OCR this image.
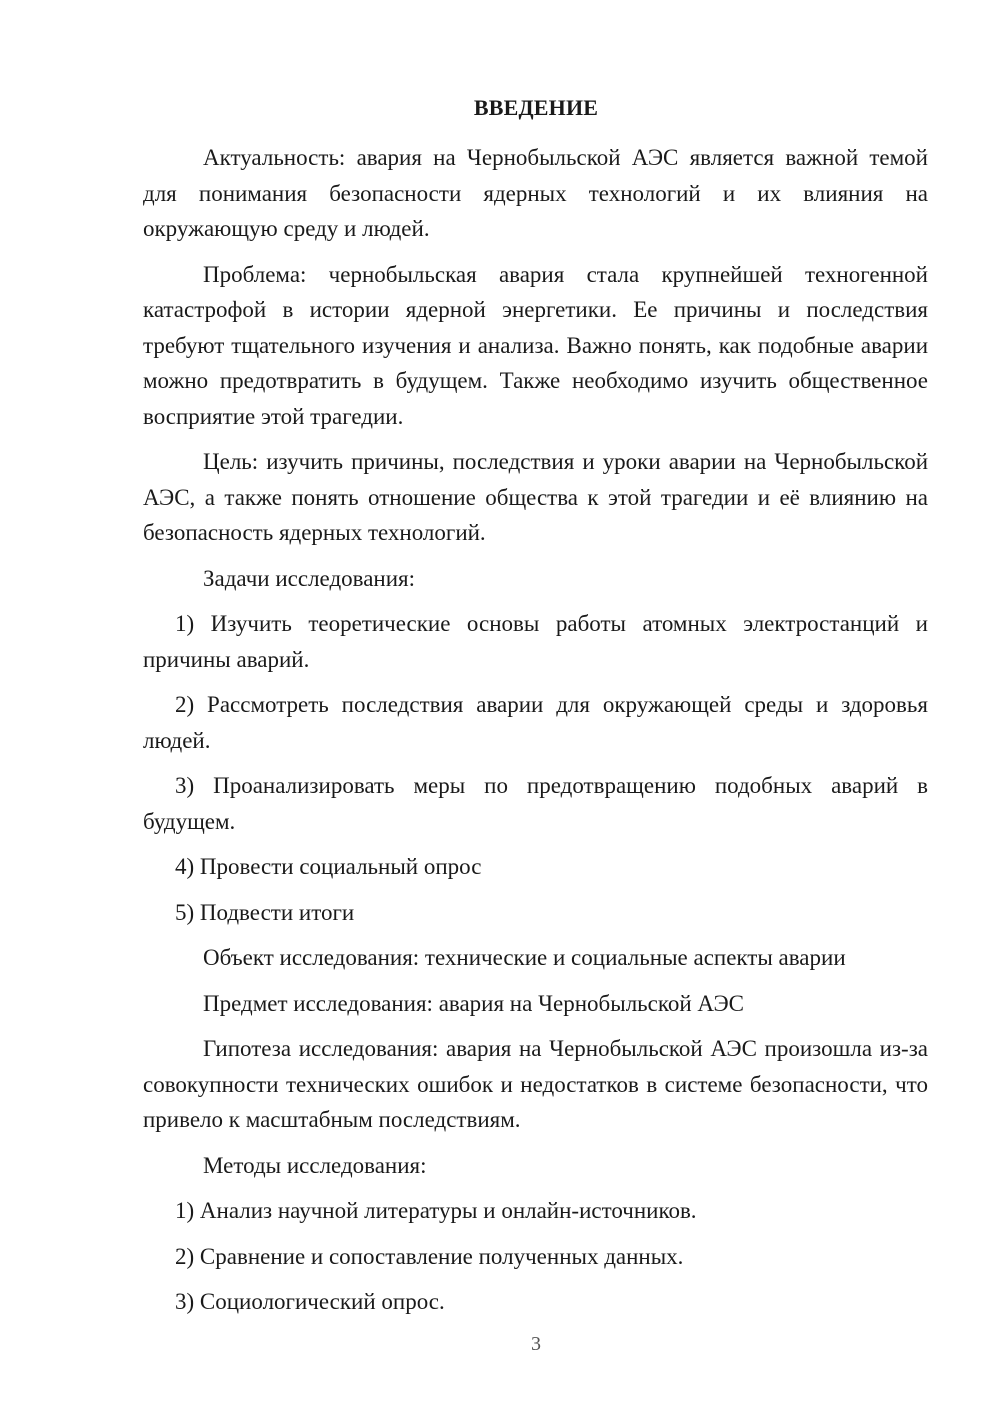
ВВЕДЕНИЕ

Актуальность: авария на Чернобыльской АЭС является важной темой для понимания безопасности ядерных технологий и их влияния на окружающую среду и людей.

Проблема: чернобыльская авария стала крупнейшей техногенной катастрофой в истории ядерной энергетики. Ее причины и последствия требуют тщательного изучения и анализа. Важно понять, как подобные аварии можно предотвратить в будущем. Также необходимо изучить общественное восприятие этой трагедии.

Цель: изучить причины, последствия и уроки аварии на Чернобыльской АЭС, а также понять отношение общества к этой трагедии и её влиянию на безопасность ядерных технологий.

Задачи исследования:

1) Изучить теоретические основы работы атомных электростанций и причины аварий.

2) Рассмотреть последствия аварии для окружающей среды и здоровья людей.

3) Проанализировать меры по предотвращению подобных аварий в будущем.

4) Провести социальный опрос

5) Подвести итоги

Объект исследования: технические и социальные аспекты аварии

Предмет исследования: авария на Чернобыльской АЭС

Гипотеза исследования: авария на Чернобыльской АЭС произошла из-за совокупности технических ошибок и недостатков в системе безопасности, что привело к масштабным последствиям.

Методы исследования:

1) Анализ научной литературы и онлайн-источников.

2) Сравнение и сопоставление полученных данных.

3) Социологический опрос.

3
